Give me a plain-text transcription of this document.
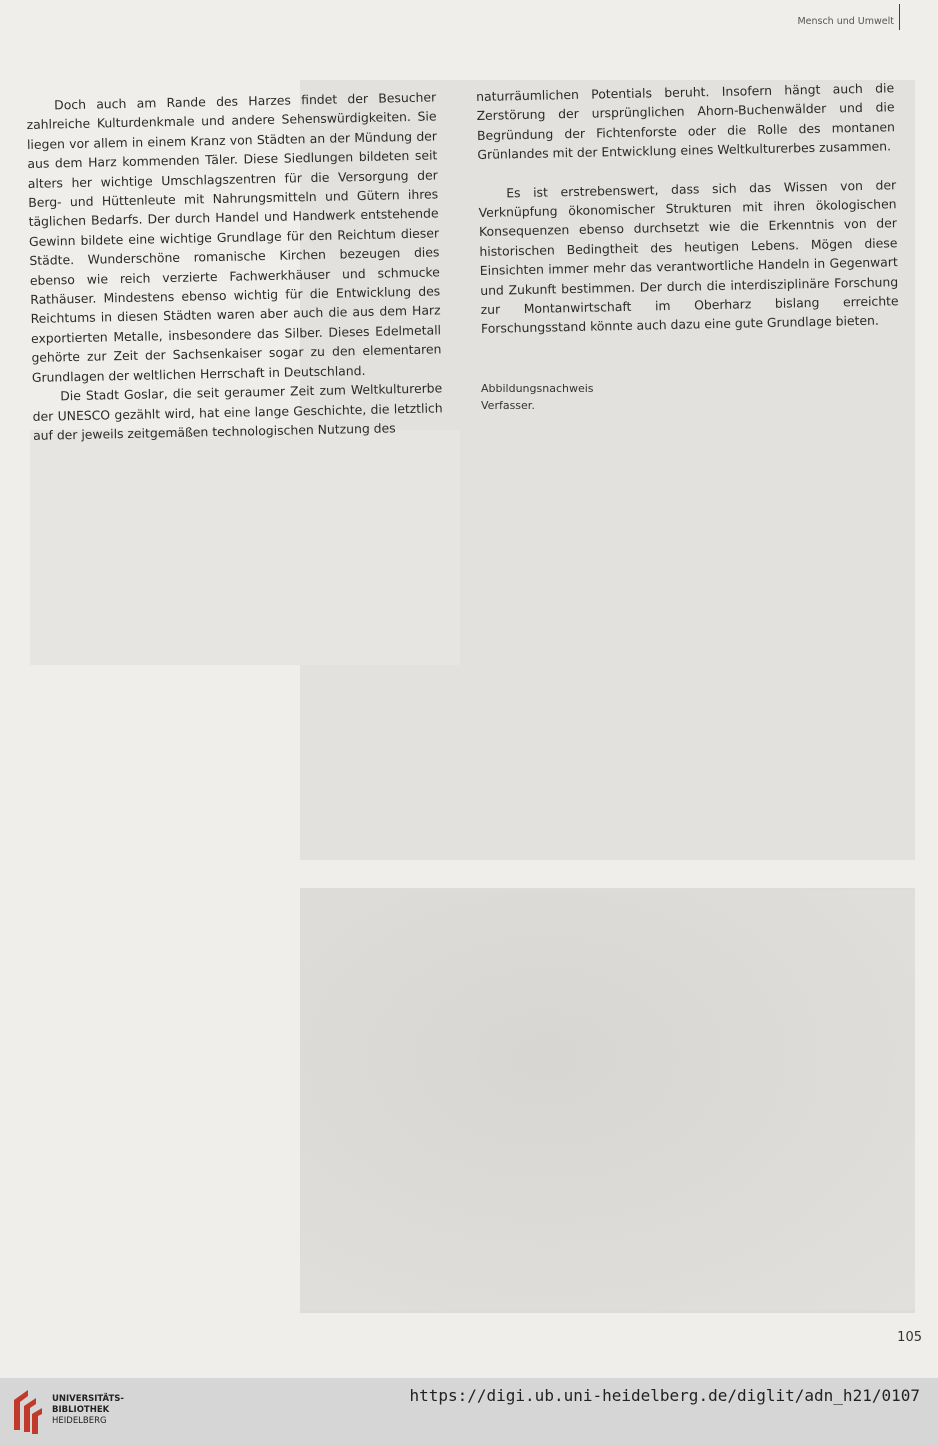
Mensch und Umwelt

Doch auch am Rande des Harzes findet der Besucher zahlreiche Kulturdenkmale und andere Sehenswürdigkeiten. Sie liegen vor allem in einem Kranz von Städten an der Mündung der aus dem Harz kommenden Täler. Diese Siedlungen bildeten seit alters her wichtige Umschlagszentren für die Versorgung der Berg- und Hüttenleute mit Nahrungsmitteln und Gütern ihres täglichen Bedarfs. Der durch Handel und Handwerk entstehende Gewinn bildete eine wichtige Grundlage für den Reichtum dieser Städte. Wunderschöne romanische Kirchen bezeugen dies ebenso wie reich verzierte Fachwerkhäuser und schmucke Rathäuser. Mindestens ebenso wichtig für die Entwicklung des Reichtums in diesen Städten waren aber auch die aus dem Harz exportierten Metalle, insbesondere das Silber. Dieses Edelmetall gehörte zur Zeit der Sachsenkaiser sogar zu den elementaren Grundlagen der weltlichen Herrschaft in Deutschland.

Die Stadt Goslar, die seit geraumer Zeit zum Weltkulturerbe der UNESCO gezählt wird, hat eine lange Geschichte, die letztlich auf der jeweils zeitgemäßen technologischen Nutzung des

naturräumlichen Potentials beruht. Insofern hängt auch die Zerstörung der ursprünglichen Ahorn-Buchenwälder und die Begründung der Fichtenforste oder die Rolle des montanen Grünlandes mit der Entwicklung eines Weltkulturerbes zusammen.

Es ist erstrebenswert, dass sich das Wissen von der Verknüpfung ökonomischer Strukturen mit ihren ökologischen Konsequenzen ebenso durchsetzt wie die Erkenntnis von der historischen Bedingtheit des heutigen Lebens. Mögen diese Einsichten immer mehr das verantwortliche Handeln in Gegenwart und Zukunft bestimmen. Der durch die interdisziplinäre Forschung zur Montanwirtschaft im Oberharz bislang erreichte Forschungsstand könnte auch dazu eine gute Grundlage bieten.

Abbildungsnachweis
Verfasser.
105
UNIVERSITÄTS-
BIBLIOTHEK
HEIDELBERG
https://digi.ub.uni-heidelberg.de/diglit/adn_h21/0107
